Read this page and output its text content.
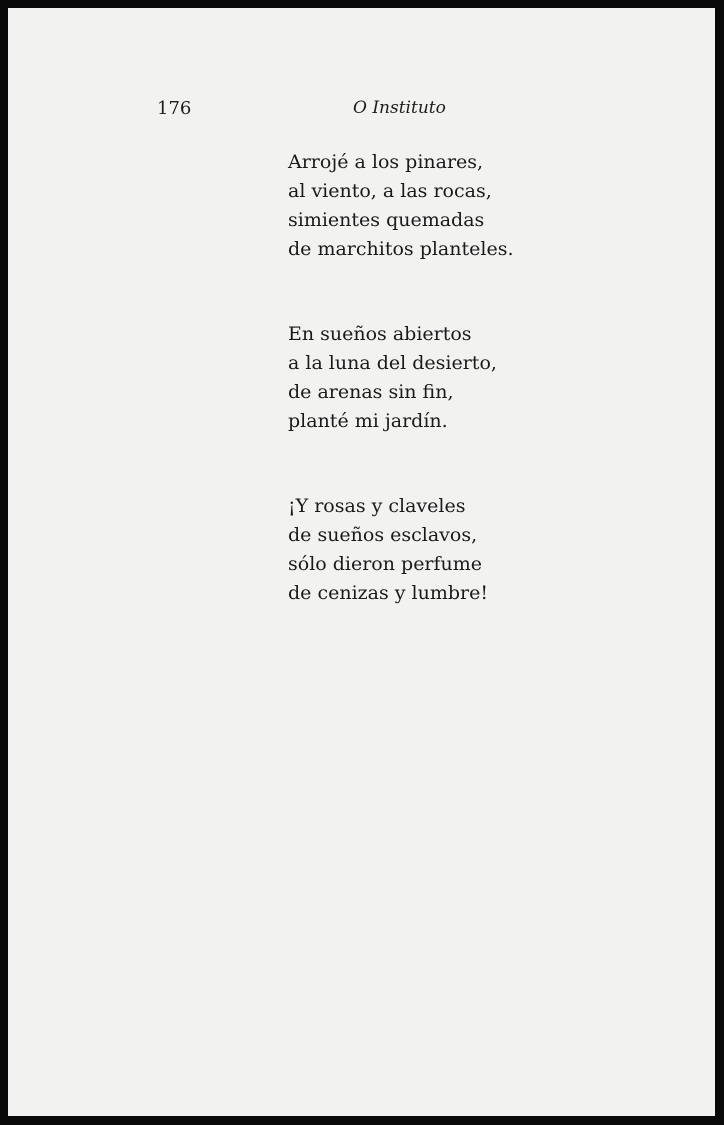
176	O Instituto
Arrojé a los pinares,
al viento, a las rocas,
simientes quemadas
de marchitos planteles.
En sueños abiertos
a la luna del desierto,
de arenas sin fin,
planté mi jardín.
¡Y rosas y claveles
de sueños esclavos,
sólo dieron perfume
de cenizas y lumbre!
